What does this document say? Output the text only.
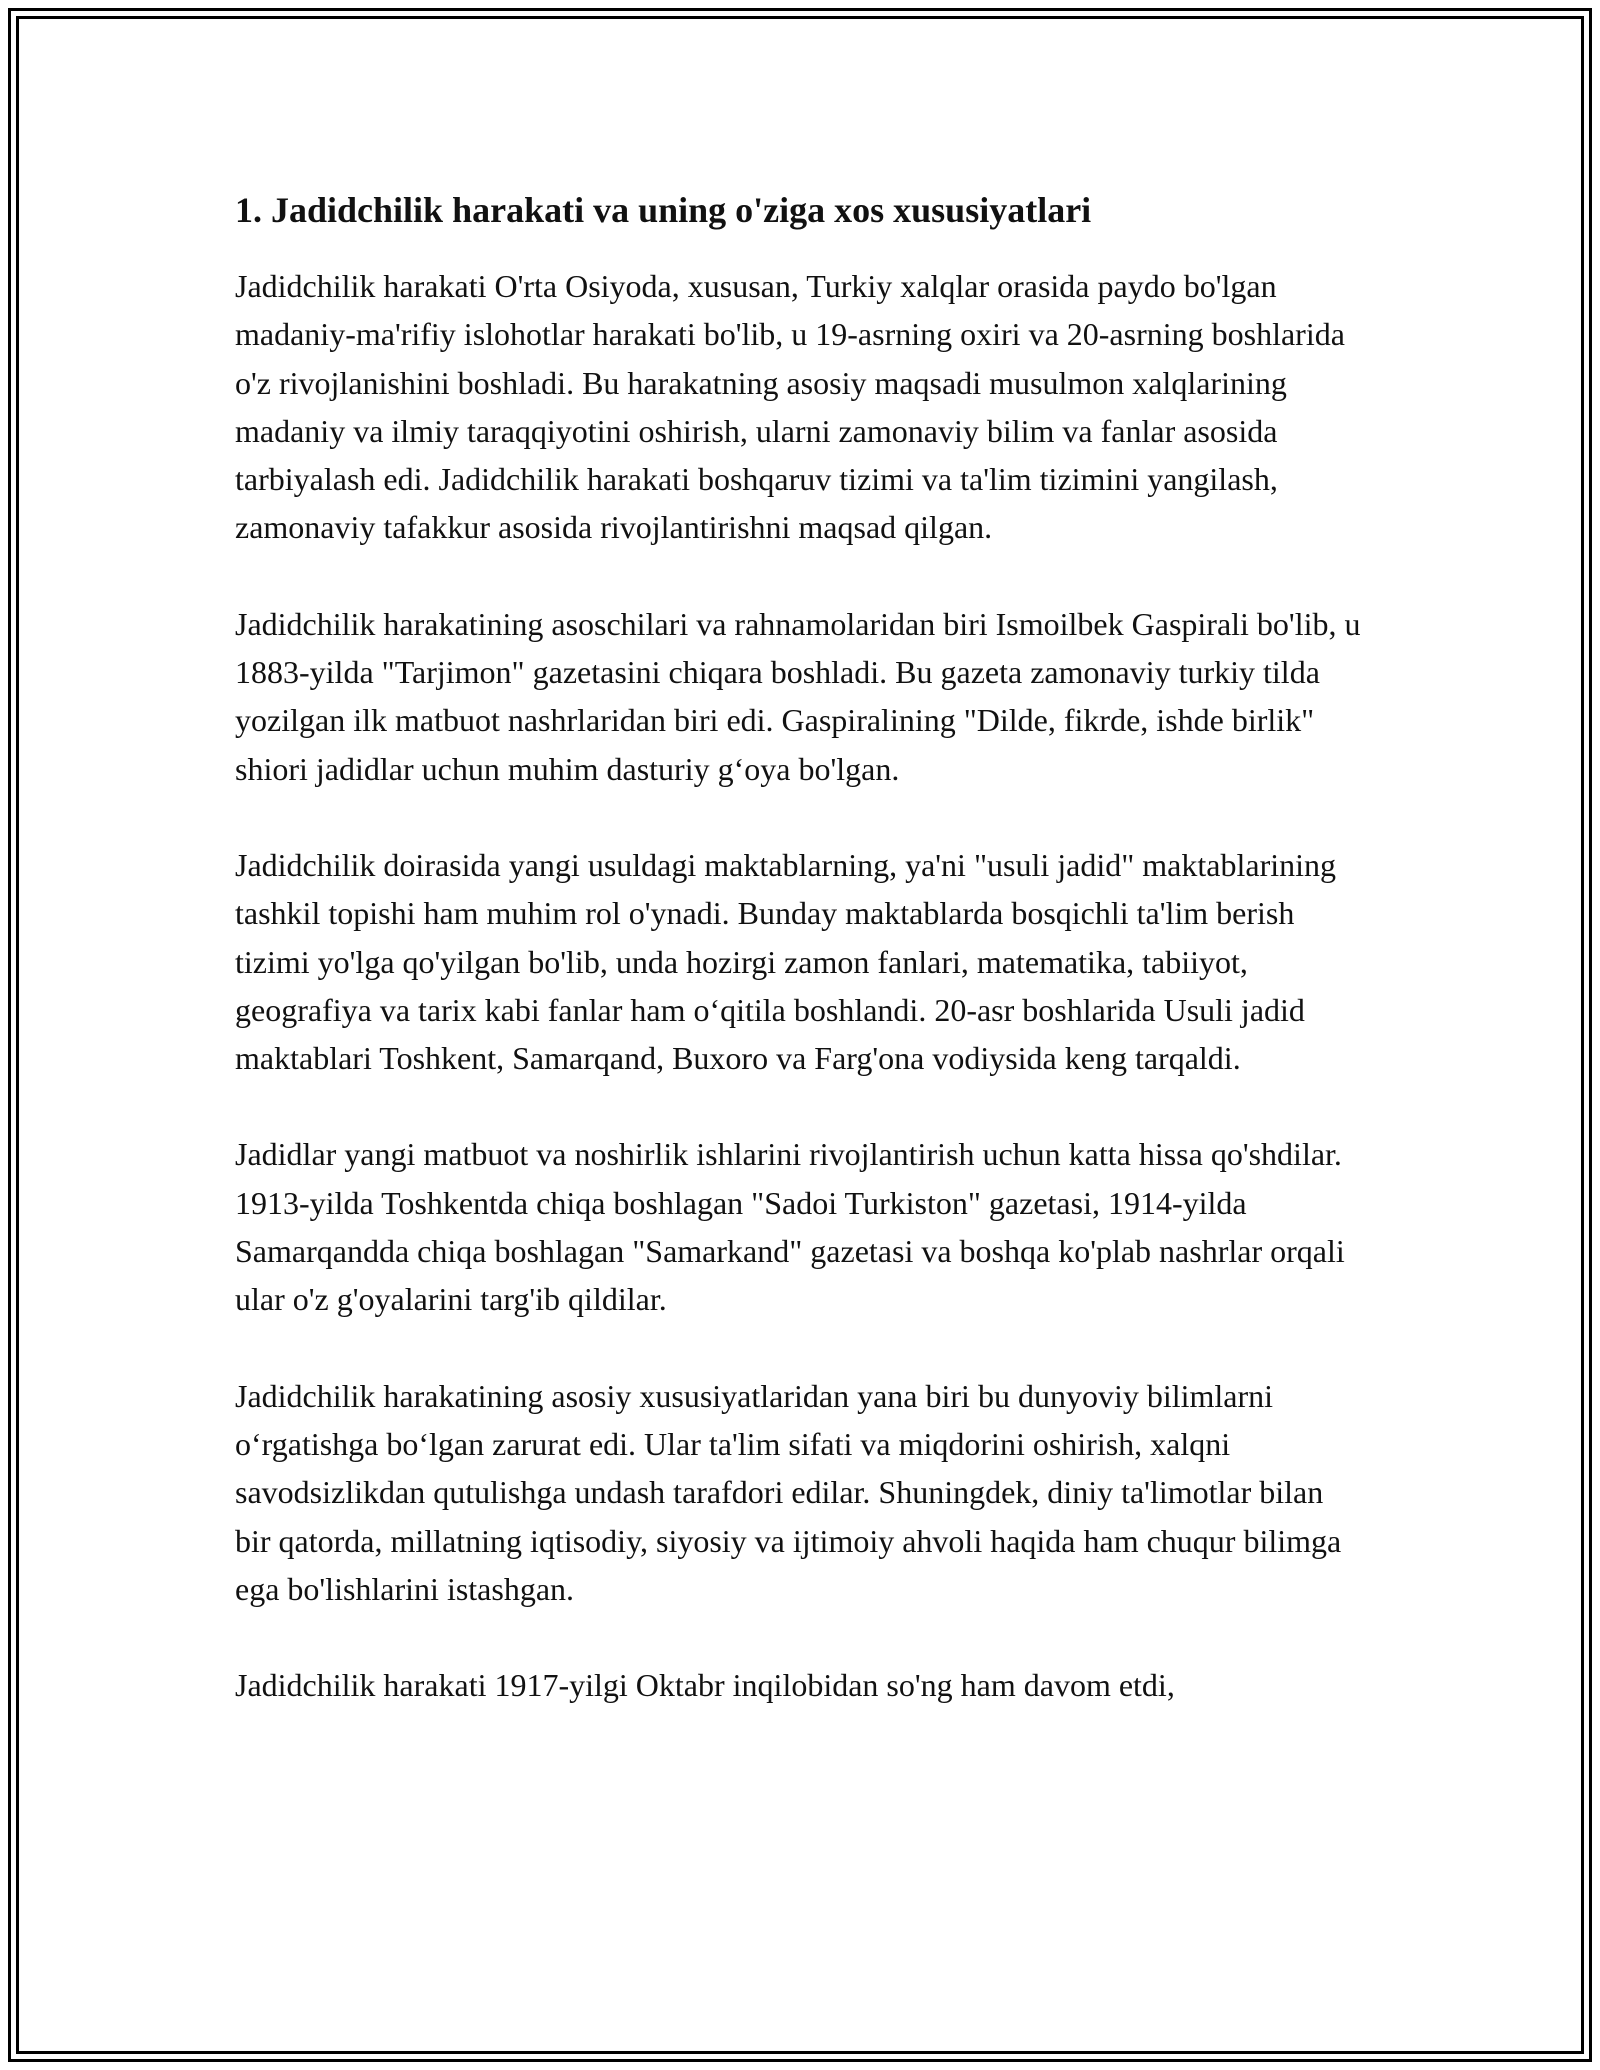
1. Jadidchilik harakati va uning o'ziga xos xususiyatlari

Jadidchilik harakati O'rta Osiyoda, xususan, Turkiy xalqlar orasida paydo bo'lgan madaniy-ma'rifiy islohotlar harakati bo'lib, u 19-asrning oxiri va 20-asrning boshlarida o'z rivojlanishini boshladi. Bu harakatning asosiy maqsadi musulmon xalqlarining madaniy va ilmiy taraqqiyotini oshirish, ularni zamonaviy bilim va fanlar asosida tarbiyalash edi. Jadidchilik harakati boshqaruv tizimi va ta'lim tizimini yangilash, zamonaviy tafakkur asosida rivojlantirishni maqsad qilgan.

Jadidchilik harakatining asoschilari va rahnamolaridan biri Ismoilbek Gaspirali bo'lib, u 1883-yilda "Tarjimon" gazetasini chiqara boshladi. Bu gazeta zamonaviy turkiy tilda yozilgan ilk matbuot nashrlaridan biri edi. Gaspiralining "Dilde, fikrde, ishde birlik" shiori jadidlar uchun muhim dasturiy g‘oya bo'lgan.

Jadidchilik doirasida yangi usuldagi maktablarning, ya'ni "usuli jadid" maktablarining tashkil topishi ham muhim rol o'ynadi. Bunday maktablarda bosqichli ta'lim berish tizimi yo'lga qo'yilgan bo'lib, unda hozirgi zamon fanlari, matematika, tabiiyot, geografiya va tarix kabi fanlar ham o‘qitila boshlandi. 20-asr boshlarida Usuli jadid maktablari Toshkent, Samarqand, Buxoro va Farg'ona vodiysida keng tarqaldi.

Jadidlar yangi matbuot va noshirlik ishlarini rivojlantirish uchun katta hissa qo'shdilar. 1913-yilda Toshkentda chiqa boshlagan "Sadoi Turkiston" gazetasi, 1914-yilda Samarqandda chiqa boshlagan "Samarkand" gazetasi va boshqa ko'plab nashrlar orqali ular o'z g'oyalarini targ'ib qildilar.

Jadidchilik harakatining asosiy xususiyatlaridan yana biri bu dunyoviy bilimlarni o‘rgatishga bo‘lgan zarurat edi. Ular ta'lim sifati va miqdorini oshirish, xalqni savodsizlikdan qutulishga undash tarafdori edilar. Shuningdek, diniy ta'limotlar bilan bir qatorda, millatning iqtisodiy, siyosiy va ijtimoiy ahvoli haqida ham chuqur bilimga ega bo'lishlarini istashgan.

Jadidchilik harakati 1917-yilgi Oktabr inqilobidan so'ng ham davom etdi,
